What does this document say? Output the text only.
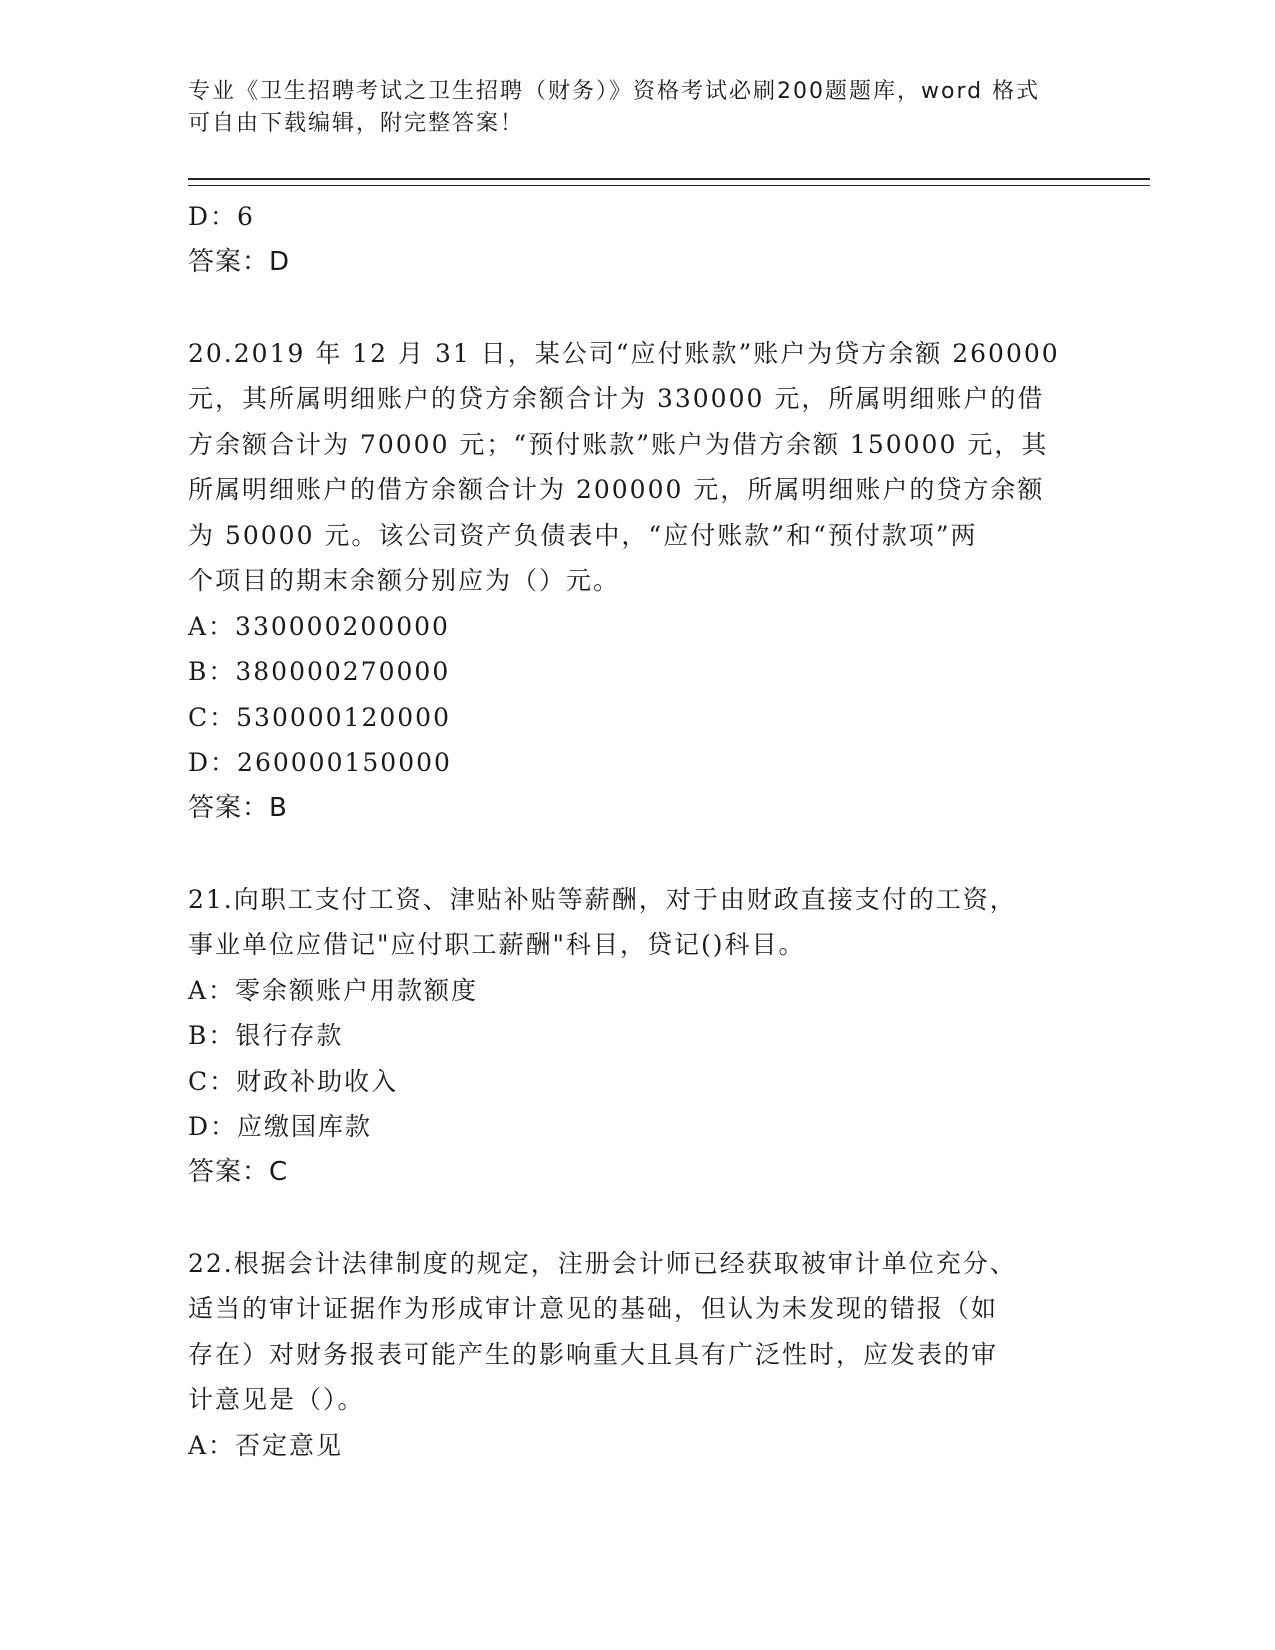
专业《卫生招聘考试之卫生招聘（财务）》资格考试必刷200题题库，word 格式
可自由下载编辑，附完整答案！
D：6
答案：D
20.2019 年 12 月 31 日，某公司“应付账款”账户为贷方余额 260000
元，其所属明细账户的贷方余额合计为 330000 元，所属明细账户的借
方余额合计为 70000 元；“预付账款”账户为借方余额 150000 元，其
所属明细账户的借方余额合计为 200000 元，所属明细账户的贷方余额
为 50000 元。该公司资产负债表中，“应付账款”和“预付款项”两
个项目的期末余额分别应为（）元。
A：330000200000
B：380000270000
C：530000120000
D：260000150000
答案：B
21.向职工支付工资、津贴补贴等薪酬，对于由财政直接支付的工资，
事业单位应借记"应付职工薪酬"科目，贷记()科目。
A：零余额账户用款额度
B：银行存款
C：财政补助收入
D：应缴国库款
答案：C
22.根据会计法律制度的规定，注册会计师已经获取被审计单位充分、
适当的审计证据作为形成审计意见的基础，但认为未发现的错报（如
存在）对财务报表可能产生的影响重大且具有广泛性时，应发表的审
计意见是（）。
A：否定意见
